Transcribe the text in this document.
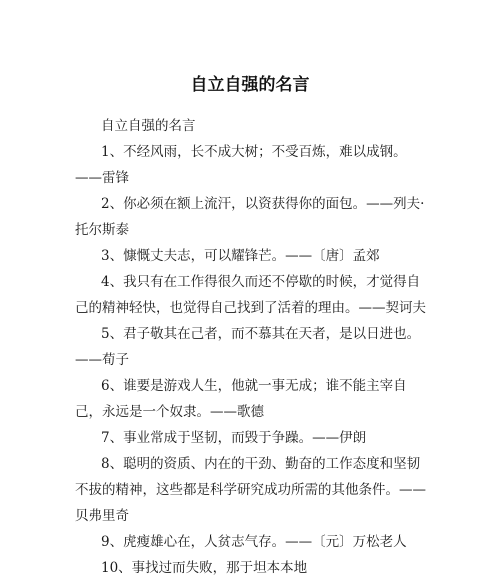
自立自强的名言

自立自强的名言

1、不经风雨，长不成大树；不受百炼，难以成钢。——雷锋

2、你必须在额上流汗，以资获得你的面包。——列夫·托尔斯泰

3、慷慨丈夫志，可以耀锋芒。——〔唐〕孟郊

4、我只有在工作得很久而还不停歇的时候，才觉得自己的精神轻快，也觉得自己找到了活着的理由。——契诃夫

5、君子敬其在己者，而不慕其在天者，是以日进也。——荀子

6、谁要是游戏人生，他就一事无成；谁不能主宰自己，永远是一个奴隶。——歌德

7、事业常成于坚韧，而毁于争躁。——伊朗

8、聪明的资质、内在的干劲、勤奋的工作态度和坚韧不拔的精神，这些都是科学研究成功所需的其他条件。——贝弗里奇

9、虎瘦雄心在，人贫志气存。——〔元〕万松老人

10、事找过而失败，那于坦本本地
